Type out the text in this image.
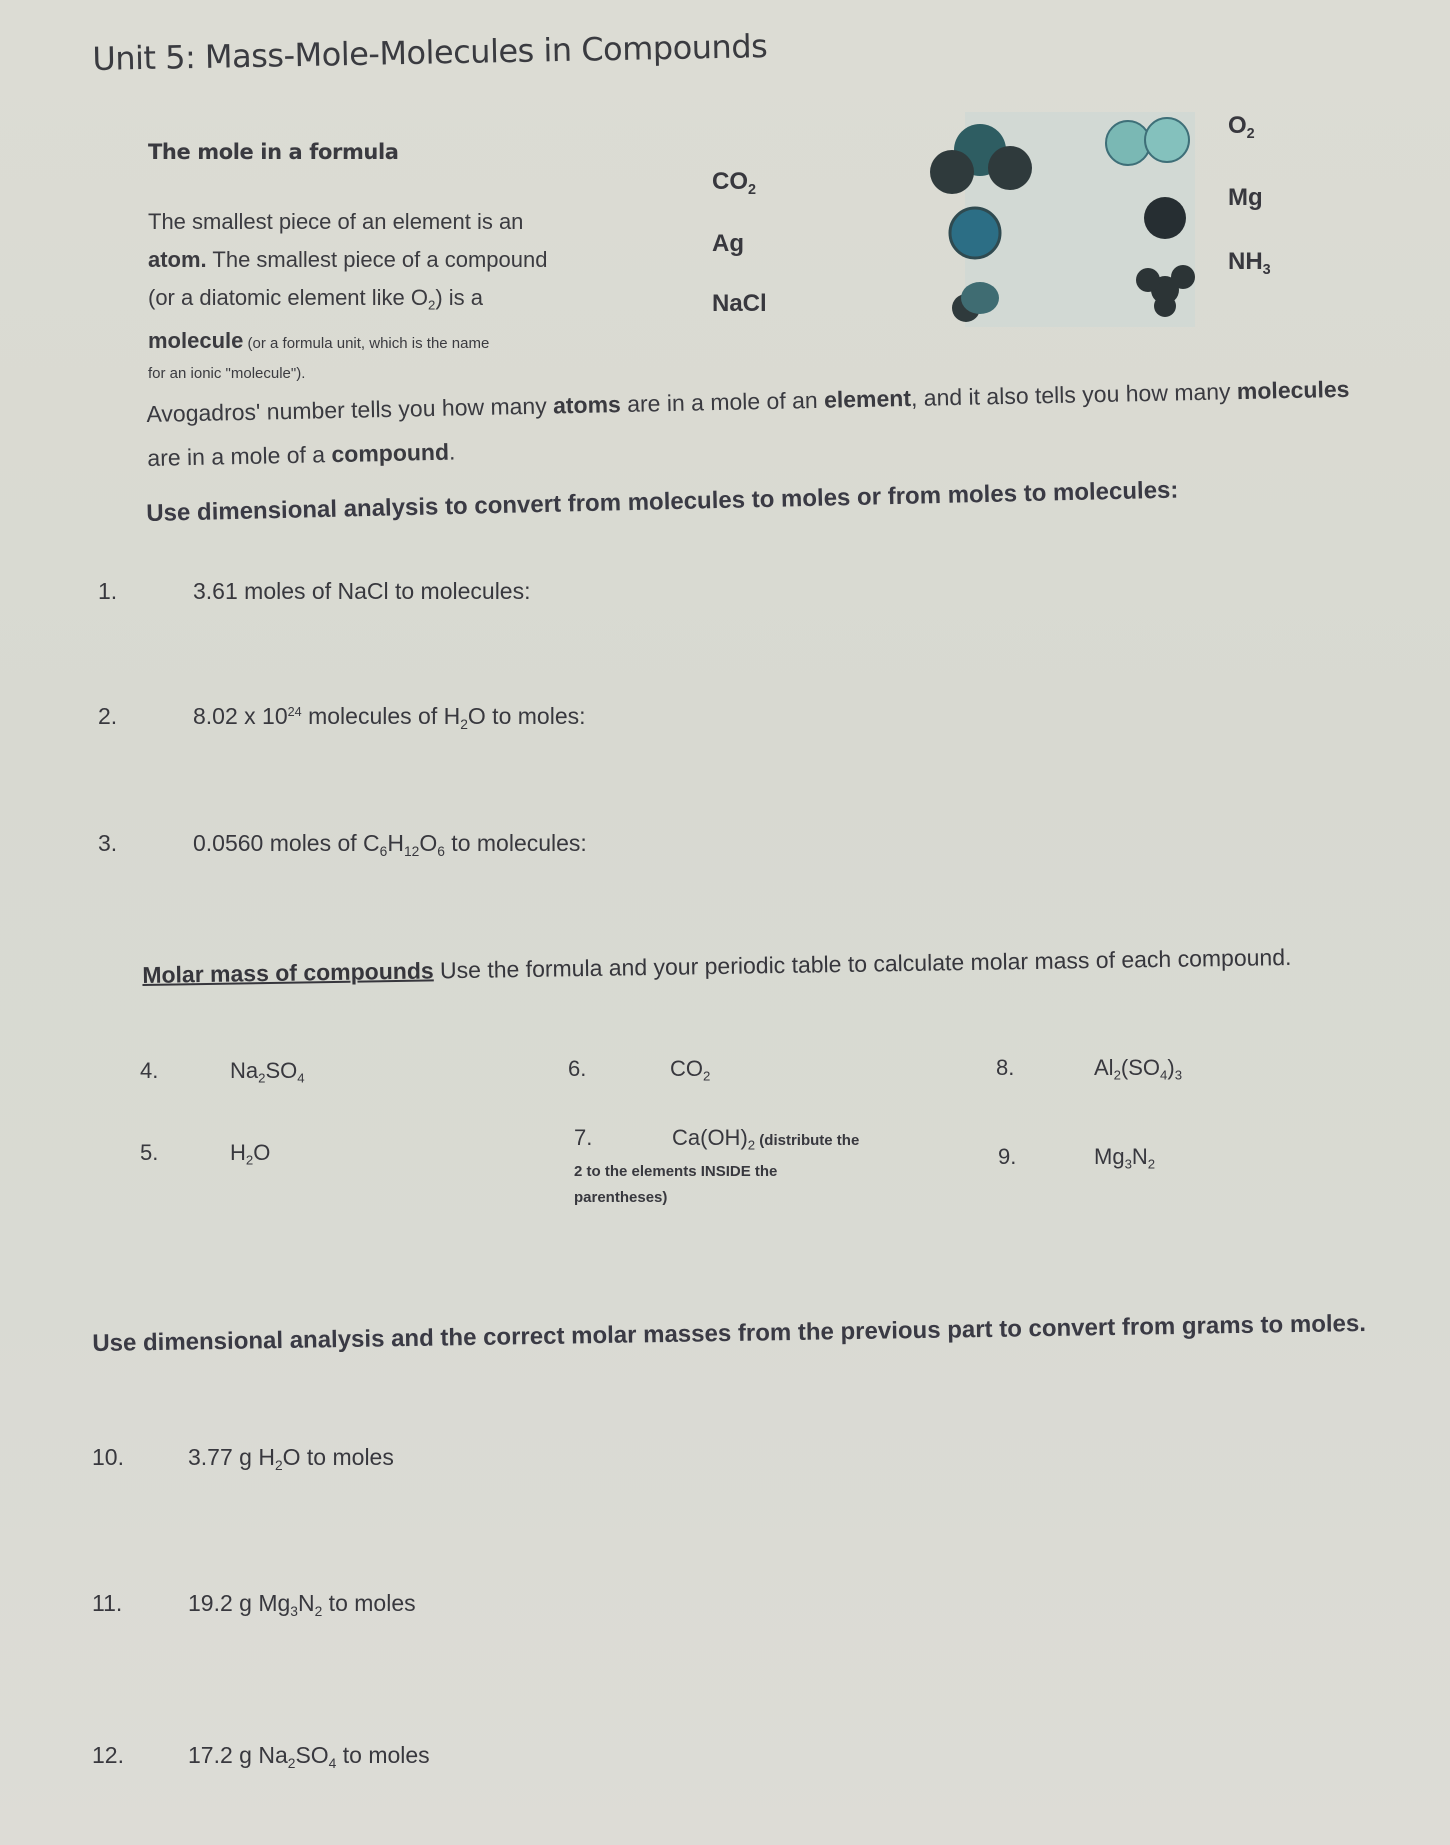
Unit 5: Mass-Mole-Molecules in Compounds
The mole in a formula
The smallest piece of an element is an
atom. The smallest piece of a compound
(or a diatomic element like $O_2$) is a
molecule (or a formula unit, which is the name
for an ionic "molecule").
$CO_2$
Ag
NaCl
$O_2$
Mg
$NH_3$
Avogadros' number tells you how many atoms are in a mole of an element, and it also tells you how many molecules are in a mole of a compound.
Use dimensional analysis to convert from molecules to moles or from moles to molecules:
1.	3.61 moles of NaCl to molecules:
2.	8.02 x $10^{24}$ molecules of $H_2O$ to moles:
3.	0.0560 moles of $C_6H_{12}O_6$ to molecules:
Molar mass of compounds Use the formula and your periodic table to calculate molar mass of each compound.
4.	$Na_2SO_4$
5.	$H_2O$
6.	$CO_2$
7.	$Ca(OH)_2$ (distribute the
2 to the elements INSIDE the
parentheses)
8.	$Al_2(SO_4)_3$
9.	$Mg_3N_2$
Use dimensional analysis and the correct molar masses from the previous part to convert from grams to moles.
10.	3.77 g $H_2O$ to moles
11.	19.2 g $Mg_3N_2$ to moles
12.	17.2 g $Na_2SO_4$ to moles
